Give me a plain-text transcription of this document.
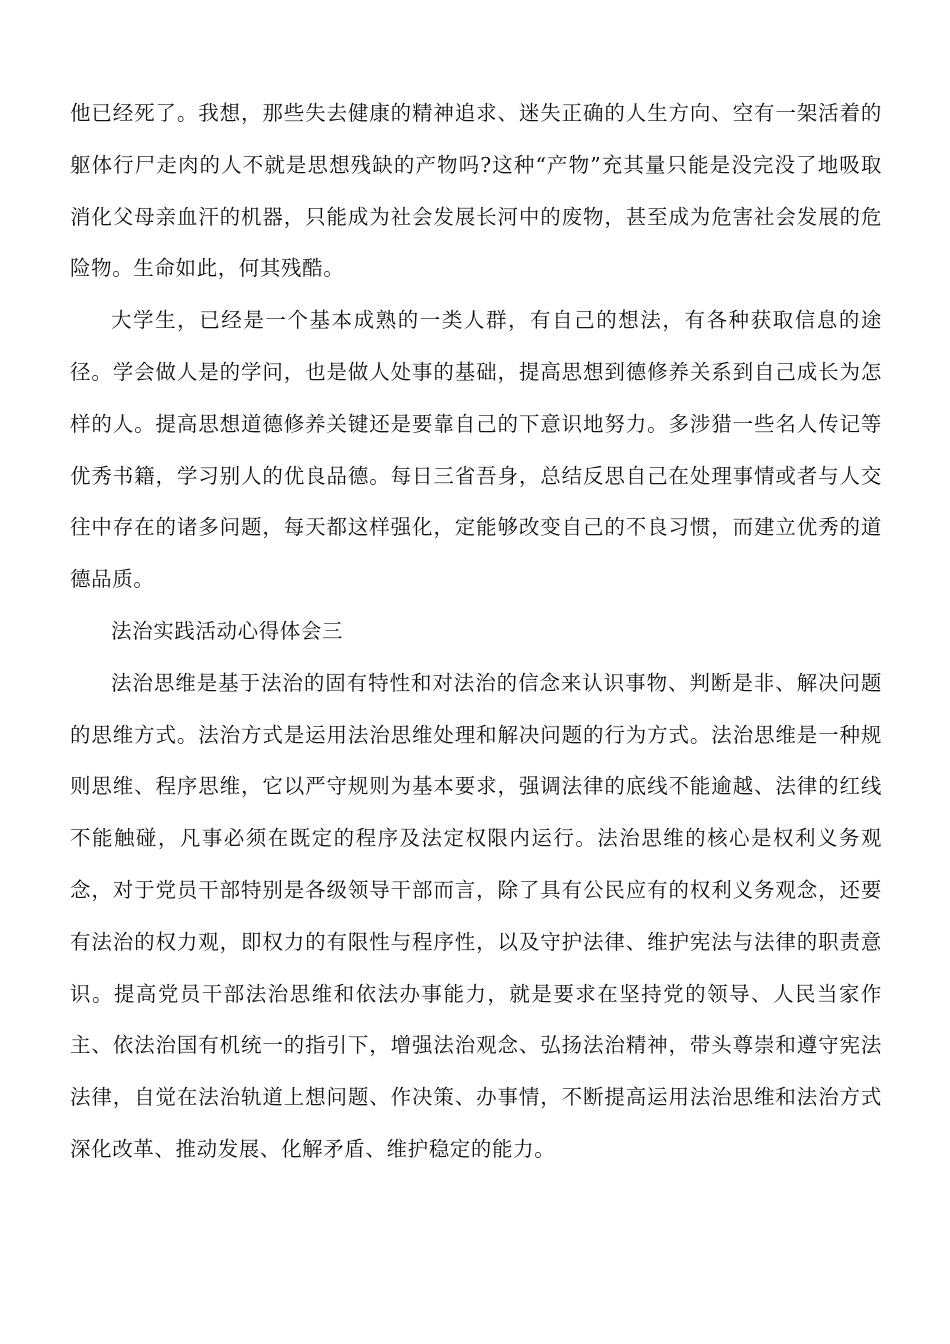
他已经死了。我想，那些失去健康的精神追求、迷失正确的人生方向、空有一架活着的躯体行尸走肉的人不就是思想残缺的产物吗?这种“产物”充其量只能是没完没了地吸取消化父母亲血汗的机器，只能成为社会发展长河中的废物，甚至成为危害社会发展的危险物。生命如此，何其残酷。

大学生，已经是一个基本成熟的一类人群，有自己的想法，有各种获取信息的途径。学会做人是的学问，也是做人处事的基础，提高思想到德修养关系到自己成长为怎样的人。提高思想道德修养关键还是要靠自己的下意识地努力。多涉猎一些名人传记等优秀书籍，学习别人的优良品德。每日三省吾身，总结反思自己在处理事情或者与人交往中存在的诸多问题，每天都这样强化，定能够改变自己的不良习惯，而建立优秀的道德品质。

法治实践活动心得体会三

法治思维是基于法治的固有特性和对法治的信念来认识事物、判断是非、解决问题的思维方式。法治方式是运用法治思维处理和解决问题的行为方式。法治思维是一种规则思维、程序思维，它以严守规则为基本要求，强调法律的底线不能逾越、法律的红线不能触碰，凡事必须在既定的程序及法定权限内运行。法治思维的核心是权利义务观念，对于党员干部特别是各级领导干部而言，除了具有公民应有的权利义务观念，还要有法治的权力观，即权力的有限性与程序性，以及守护法律、维护宪法与法律的职责意识。提高党员干部法治思维和依法办事能力，就是要求在坚持党的领导、人民当家作主、依法治国有机统一的指引下，增强法治观念、弘扬法治精神，带头尊崇和遵守宪法法律，自觉在法治轨道上想问题、作决策、办事情，不断提高运用法治思维和法治方式深化改革、推动发展、化解矛盾、维护稳定的能力。
